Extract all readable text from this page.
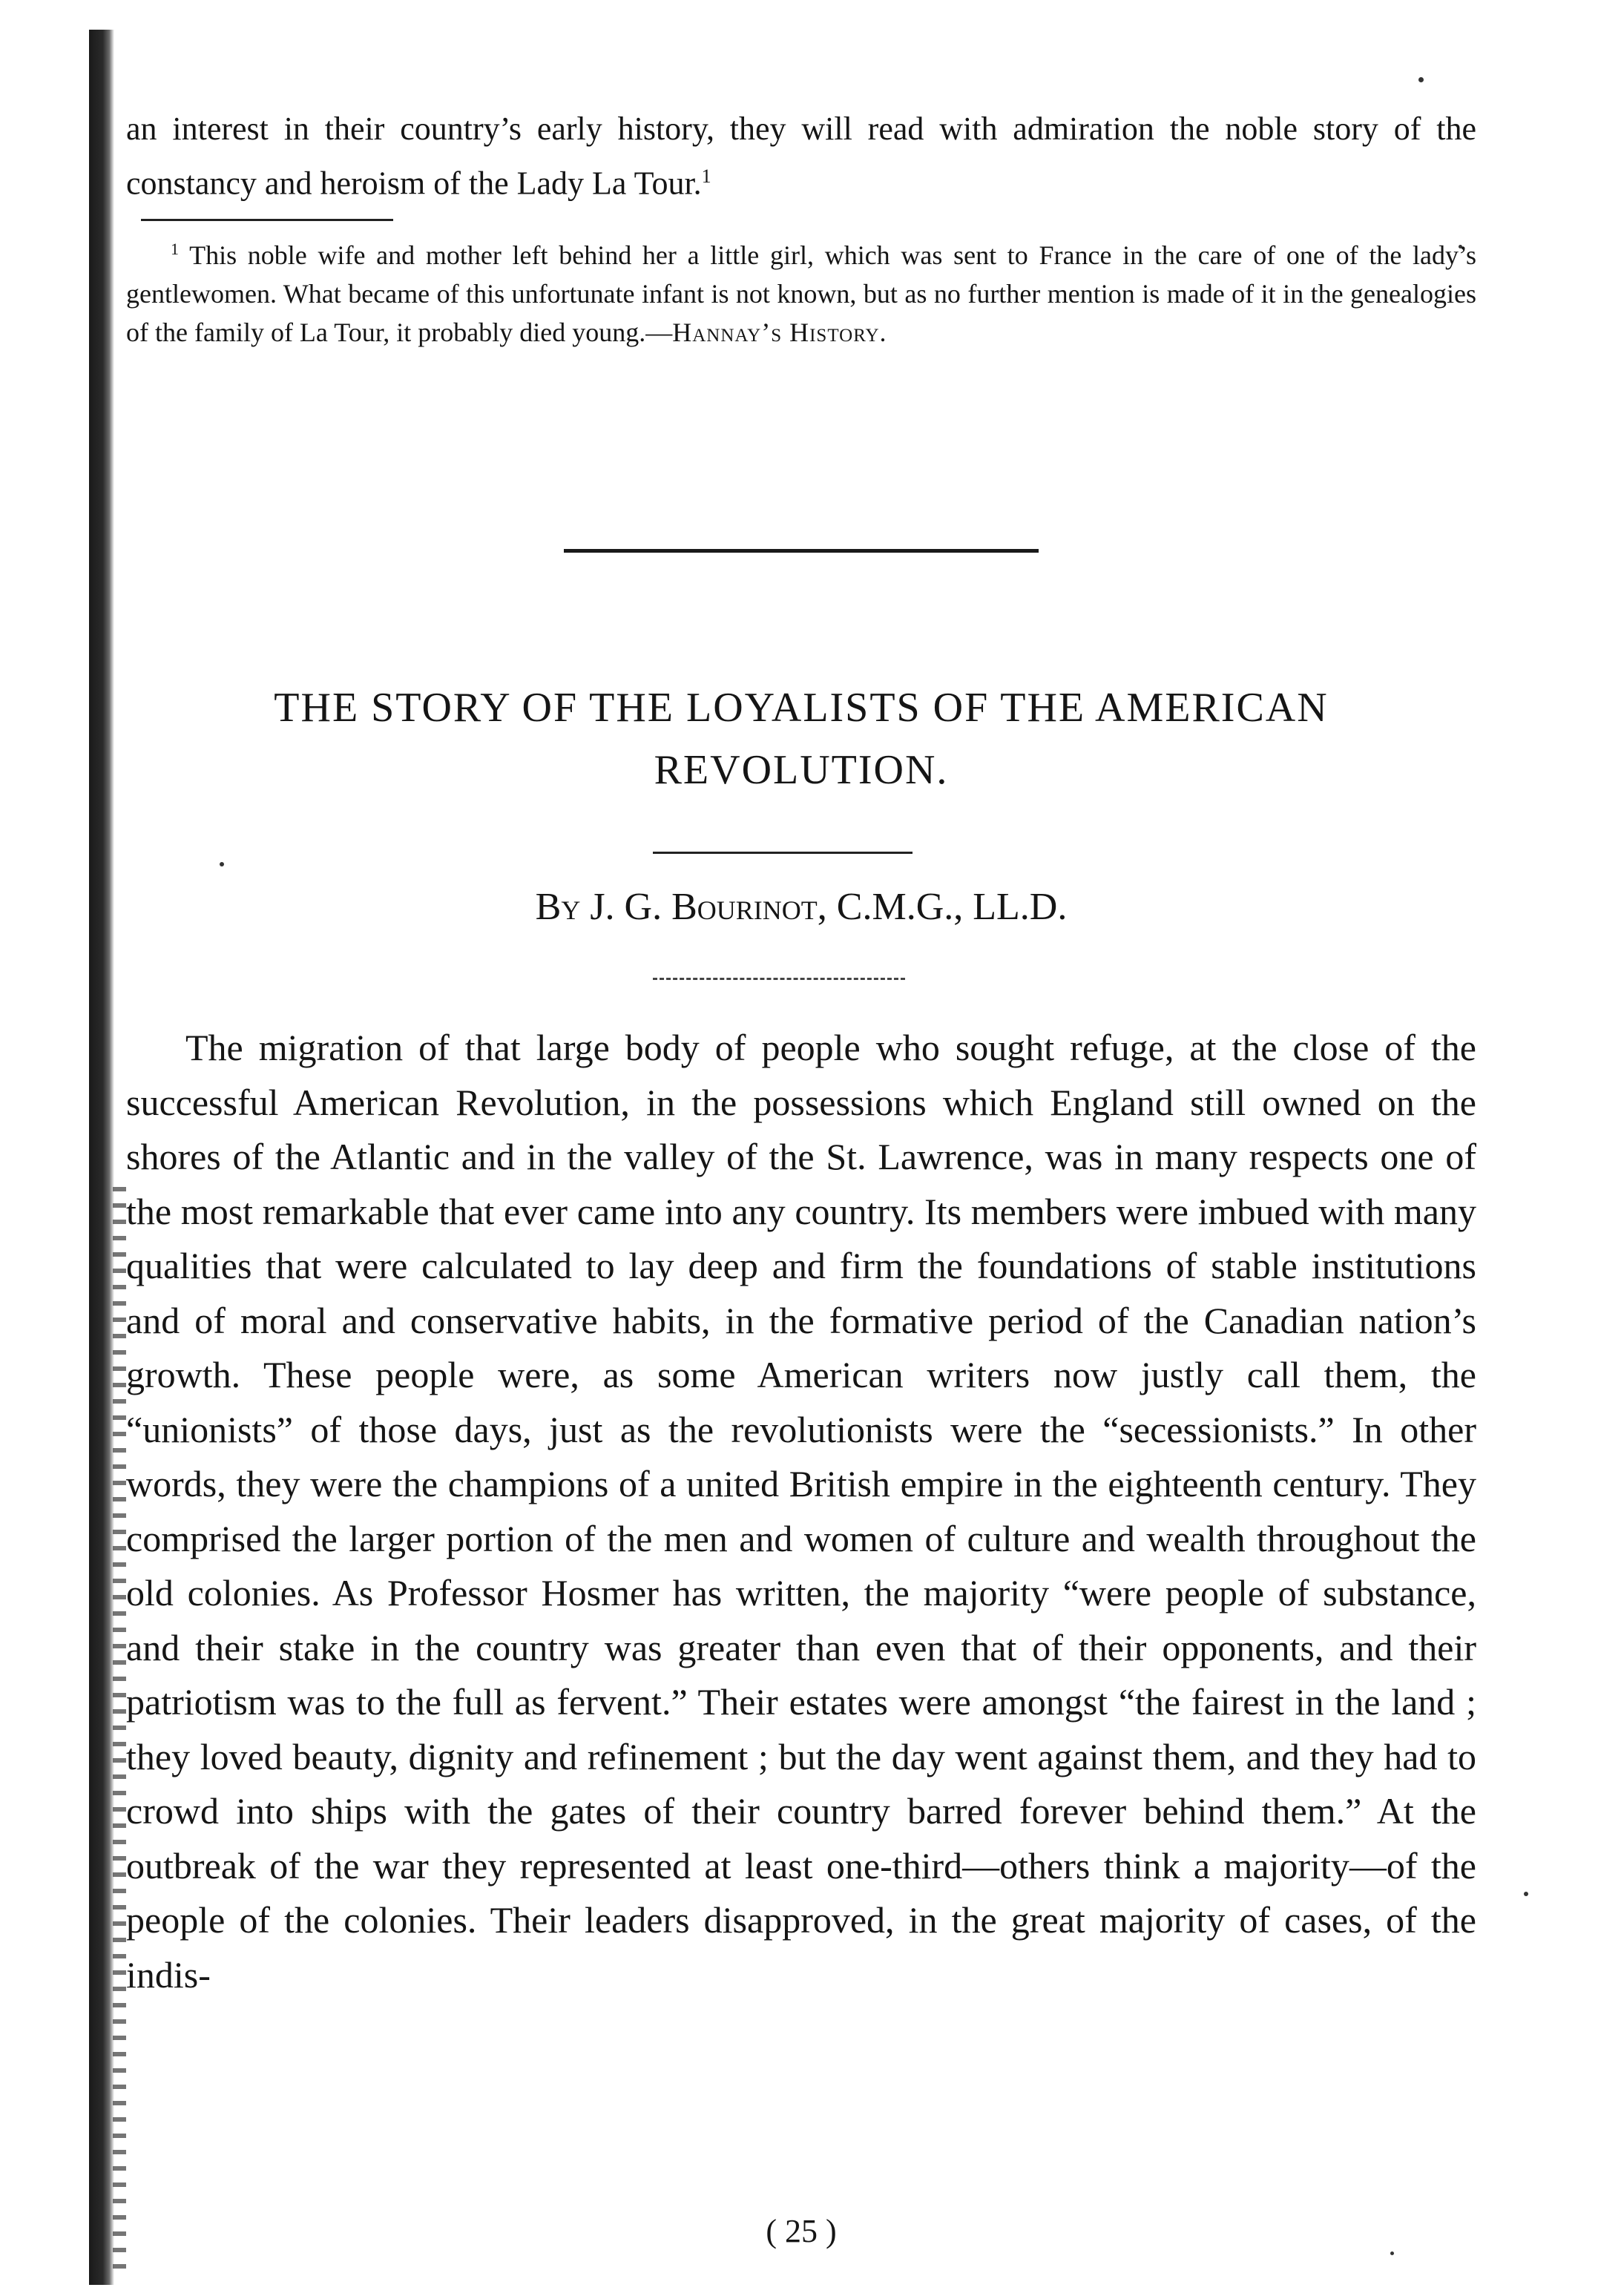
an interest in their country’s early history, they will read with admiration the noble story of the constancy and heroism of the Lady La Tour.$^1$

$^1$ This noble wife and mother left behind her a little girl, which was sent to France in the care of one of the lady’s gentlewomen. What became of this unfortunate infant is not known, but as no further mention is made of it in the genealogies of the family of La Tour, it probably died young.—Hannay’s History.

THE STORY OF THE LOYALISTS OF THE AMERICAN REVOLUTION.

By J. G. Bourinot, C.M.G., LL.D.

The migration of that large body of people who sought refuge, at the close of the successful American Revolution, in the possessions which England still owned on the shores of the Atlantic and in the valley of the St. Lawrence, was in many respects one of the most remarkable that ever came into any country. Its members were imbued with many qualities that were calculated to lay deep and firm the foundations of stable institutions and of moral and conservative habits, in the formative period of the Canadian nation’s growth. These people were, as some American writers now justly call them, the “unionists” of those days, just as the revolutionists were the “secessionists.” In other words, they were the champions of a united British empire in the eighteenth century. They comprised the larger portion of the men and women of culture and wealth throughout the old colonies. As Professor Hosmer has written, the majority “were people of substance, and their stake in the country was greater than even that of their opponents, and their patriotism was to the full as fervent.” Their estates were amongst “the fairest in the land ; they loved beauty, dignity and refinement ; but the day went against them, and they had to crowd into ships with the gates of their country barred forever behind them.” At the outbreak of the war they represented at least one-third—others think a majority—of the people of the colonies. Their leaders disapproved, in the great majority of cases, of the indis-

( 25 )
